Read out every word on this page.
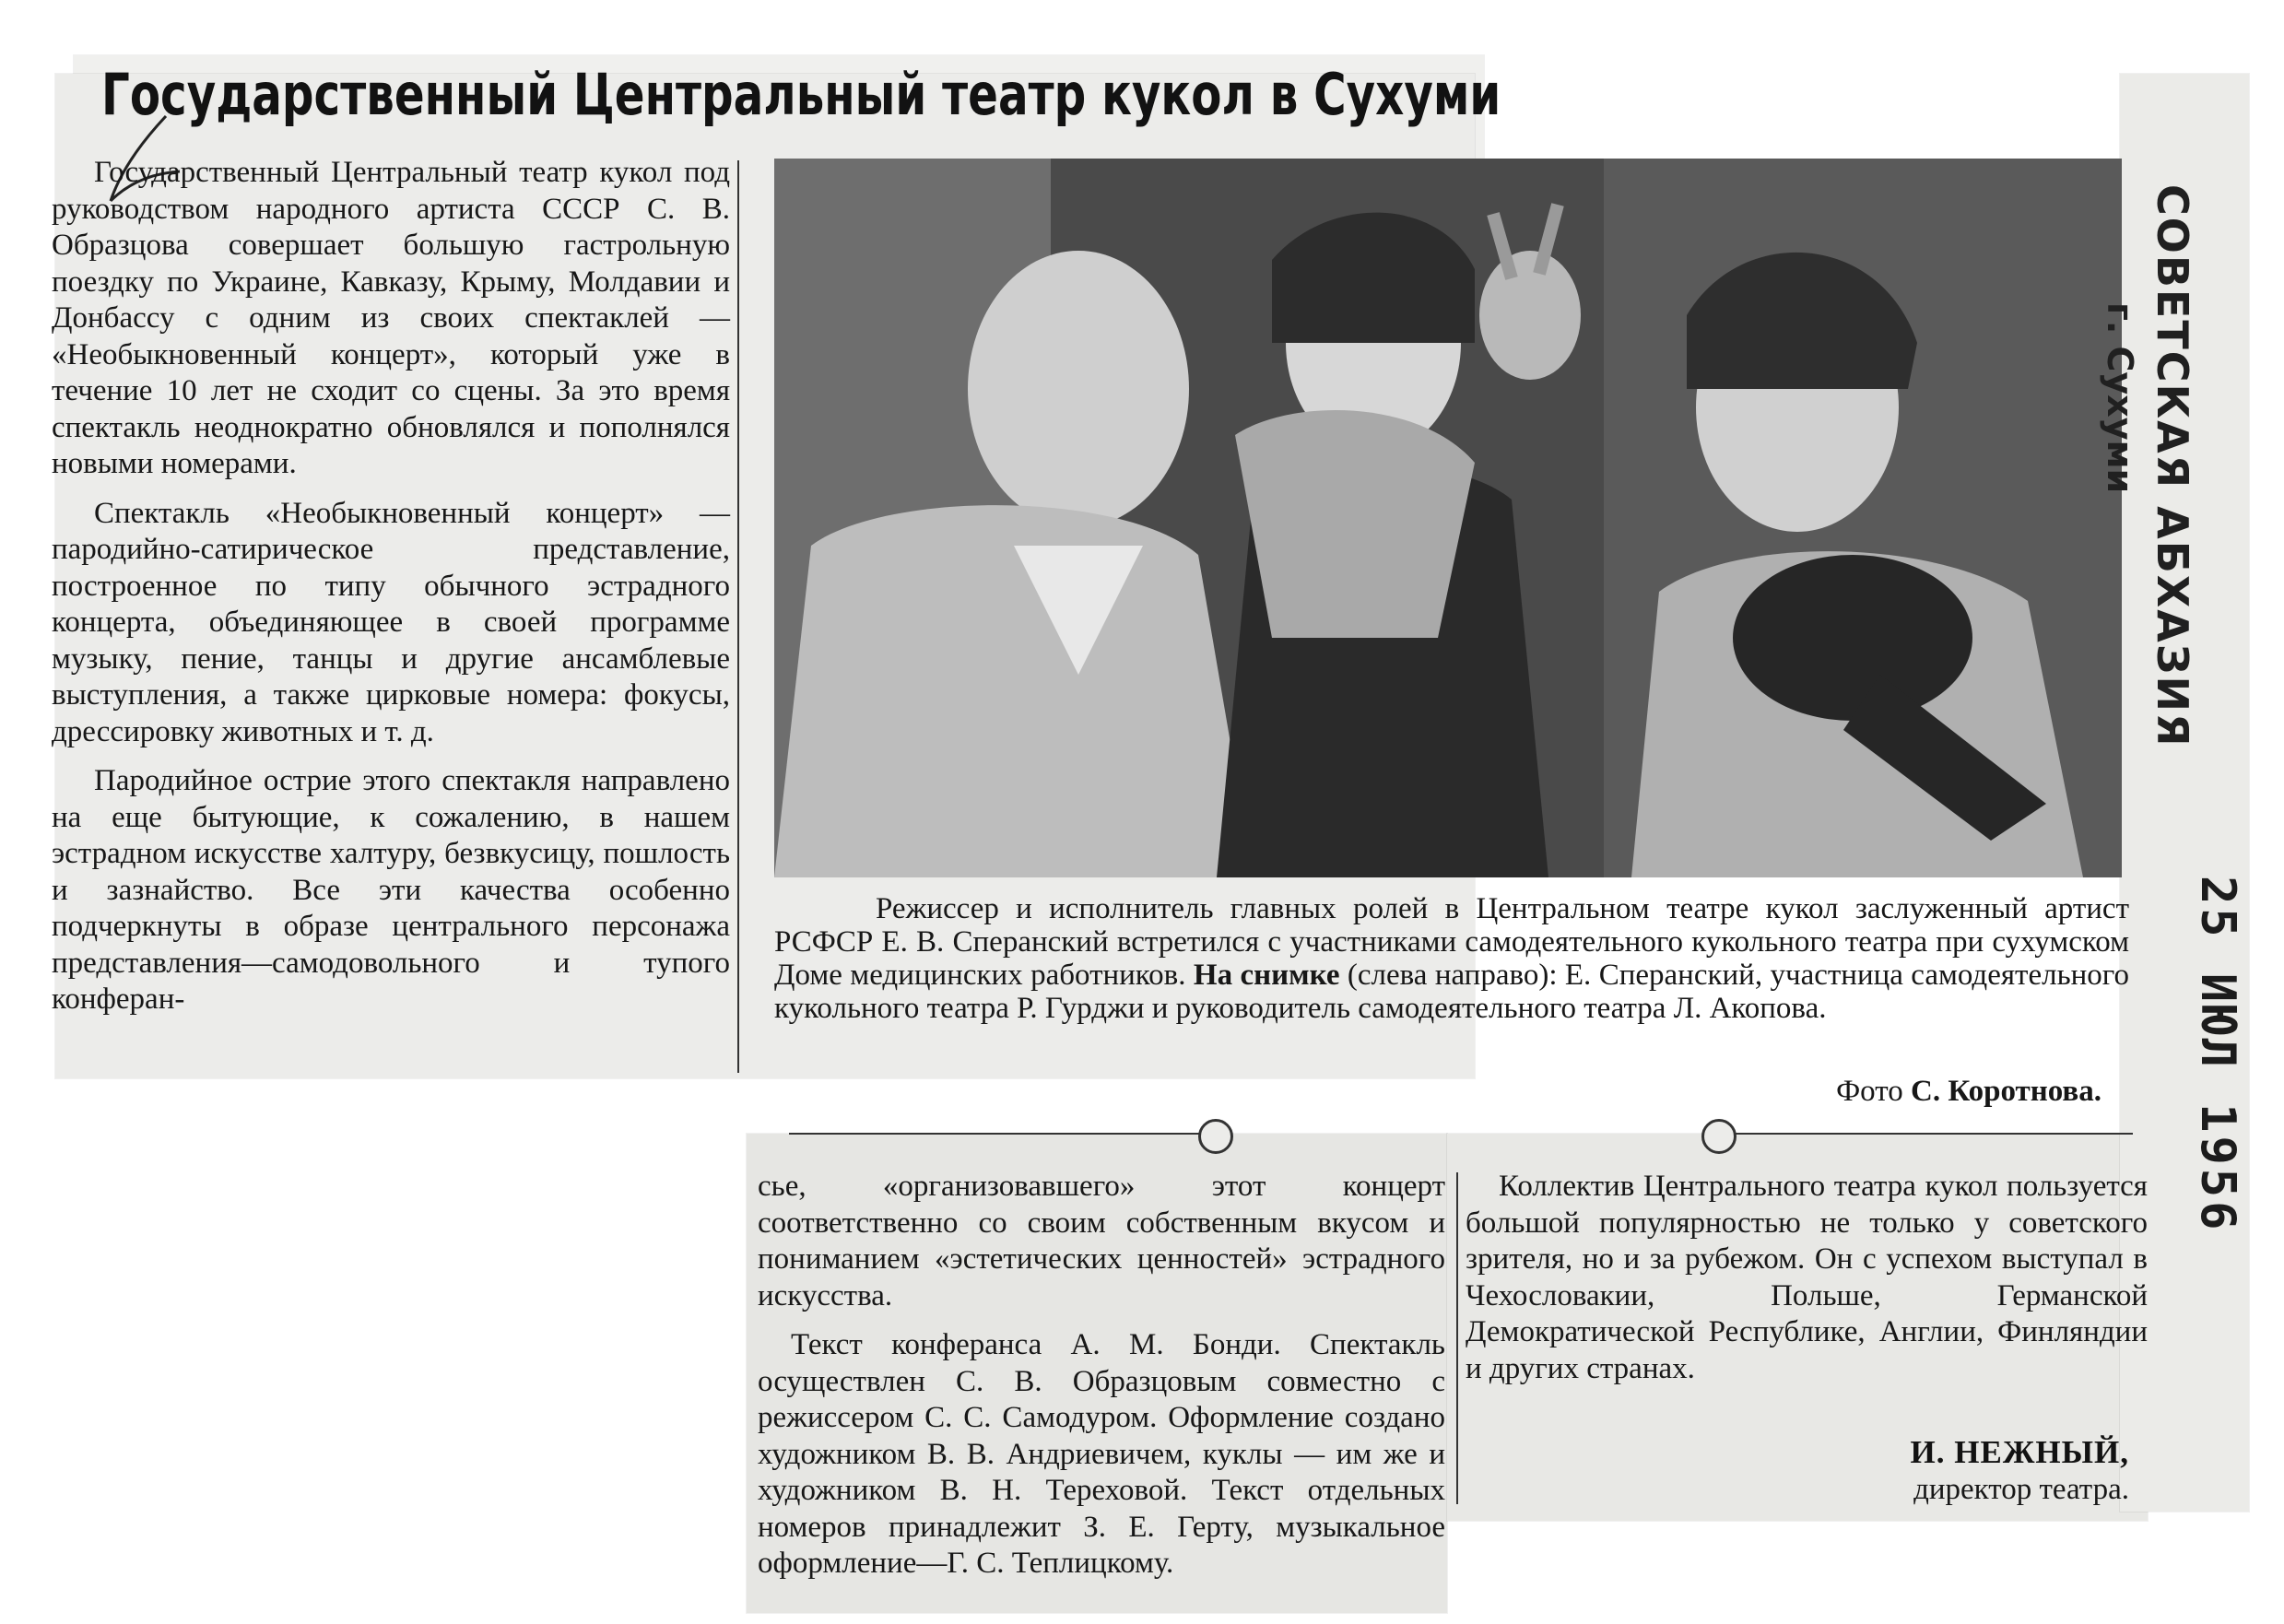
Государственный Центральный театр кукол в Сухуми

Государственный Центральный театр кукол под руководством народного артиста СССР С. В. Образцова совершает большую гастрольную поездку по Украине, Кавказу, Крыму, Молдавии и Донбассу с одним из своих спектаклей — «Необыкновенный концерт», который уже в течение 10 лет не сходит со сцены. За это время спектакль неоднократно обновлялся и пополнялся новыми номерами.

Спектакль «Необыкновенный концерт» — пародийно-сатирическое представление, построенное по типу обычного эстрадного концерта, объединяющее в своей программе музыку, пение, танцы и другие ансамблевые выступления, а также цирковые номера: фокусы, дрессировку животных и т. д.

Пародийное острие этого спектакля направлено на еще бытующие, к сожалению, в нашем эстрадном искусстве халтуру, безвкусицу, пошлость и зазнайство. Все эти качества особенно подчеркнуты в образе центрального персонажа представления—самодовольного и тупого конферан-

Режиссер и исполнитель главных ролей в Центральном театре кукол заслуженный артист РСФСР Е. В. Сперанский встретился с участниками самодеятельного кукольного театра при сухумском Доме медицинских работников. На снимке (слева направо): Е. Сперанский, участница самодеятельного кукольного театра Р. Гурджи и руководитель самодеятельного театра Л. Акопова.
Фото С. Коротнова.

сье, «организовавшего» этот концерт соответственно со своим собственным вкусом и пониманием «эстетических ценностей» эстрадного искусства.

Текст конферанса А. М. Бонди. Спектакль осуществлен С. В. Образцовым совместно с режиссером С. С. Самодуром. Оформление создано художником В. В. Андриевичем, куклы — им же и художником В. Н. Тереховой. Текст отдельных номеров принадлежит З. Е. Герту, музыкальное оформление—Г. С. Теплицкому.

Коллектив Центрального театра кукол пользуется большой популярностью не только у советского зрителя, но и за рубежом. Он с успехом выступал в Чехословакии, Польше, Германской Демократической Республике, Англии, Финляндии и других странах.

И. НЕЖНЫЙ,
директор театра.
СОВЕТСКАЯ АБХАЗИЯ
г. Сухуми
25 ИЮЛ 1956
